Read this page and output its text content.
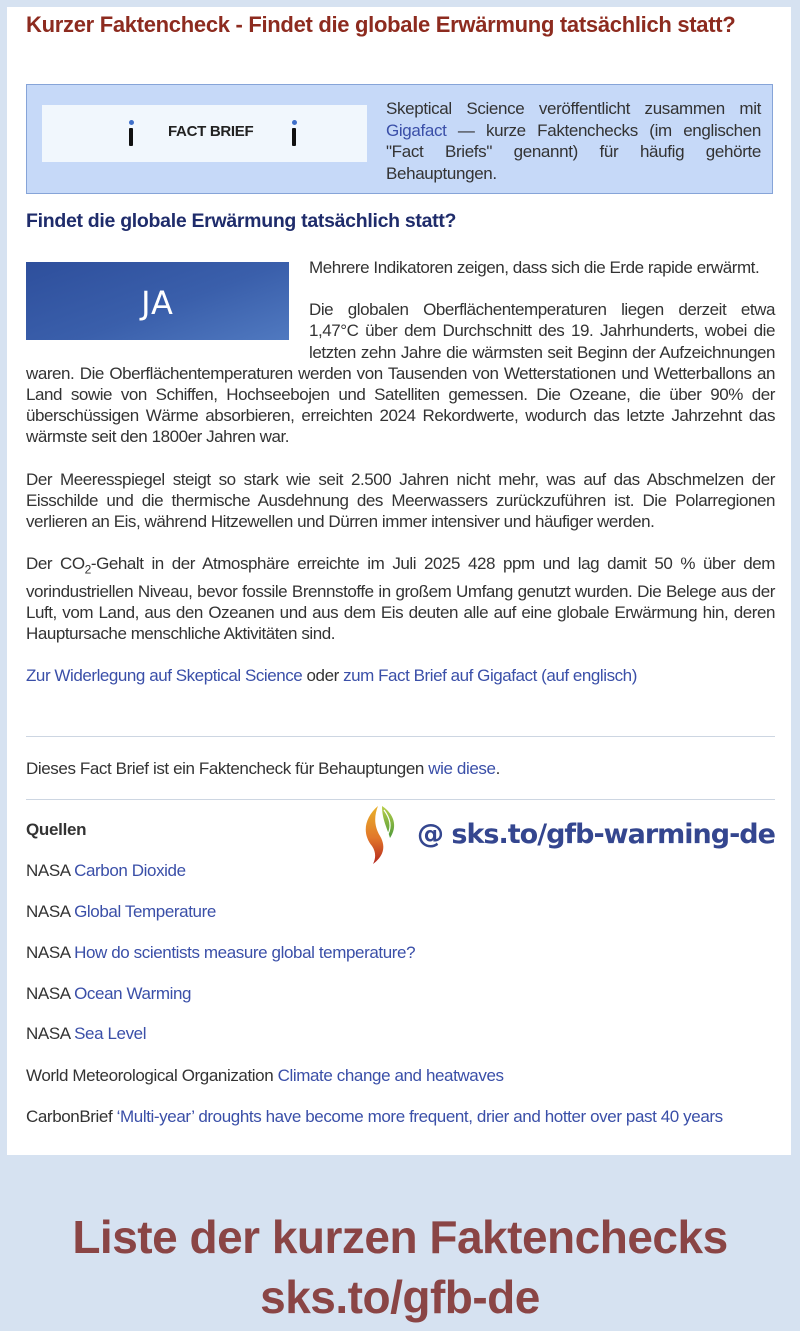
Kurzer Faktencheck - Findet die globale Erwärmung tatsächlich statt?
FACT BRIEF
Skeptical Science veröffentlicht zusammen mit Gigafact — kurze Faktenchecks (im englischen "Fact Briefs" genannt) für häufig gehörte Behauptungen.
Findet die globale Erwärmung tatsächlich statt?
JA

Mehrere Indikatoren zeigen, dass sich die Erde rapide erwärmt.

Die globalen Oberflächentemperaturen liegen derzeit etwa 1,47°C über dem Durchschnitt des 19. Jahrhunderts, wobei die letzten zehn Jahre die wärmsten seit Beginn der Aufzeichnungen waren. Die Oberflächentemperaturen werden von Tausenden von Wetterstationen und Wetterballons an Land sowie von Schiffen, Hochseebojen und Satelliten gemessen. Die Ozeane, die über 90% der überschüssigen Wärme absorbieren, erreichten 2024 Rekordwerte, wodurch das letzte Jahrzehnt das wärmste seit den 1800er Jahren war.

Der Meeresspiegel steigt so stark wie seit 2.500 Jahren nicht mehr, was auf das Abschmelzen der Eisschilde und die thermische Ausdehnung des Meerwassers zurückzuführen ist. Die Polarregionen verlieren an Eis, während Hitzewellen und Dürren immer intensiver und häufiger werden.

Der $CO_2$-Gehalt in der Atmosphäre erreichte im Juli 2025 428 ppm und lag damit 50 % über dem vorindustriellen Niveau, bevor fossile Brennstoffe in großem Umfang genutzt wurden. Die Belege aus der Luft, vom Land, aus den Ozeanen und aus dem Eis deuten alle auf eine globale Erwärmung hin, deren Hauptursache menschliche Aktivitäten sind.

Zur Widerlegung auf Skeptical Science oder zum Fact Brief auf Gigafact (auf englisch)

Dieses Fact Brief ist ein Faktencheck für Behauptungen wie diese.
Quellen	@ sks.to/gfb-warming-de
NASA Carbon Dioxide
NASA Global Temperature
NASA How do scientists measure global temperature?
NASA Ocean Warming
NASA Sea Level
World Meteorological Organization Climate change and heatwaves
CarbonBrief ‘Multi-year’ droughts have become more frequent, drier and hotter over past 40 years
Liste der kurzen Faktenchecks
sks.to/gfb-de
